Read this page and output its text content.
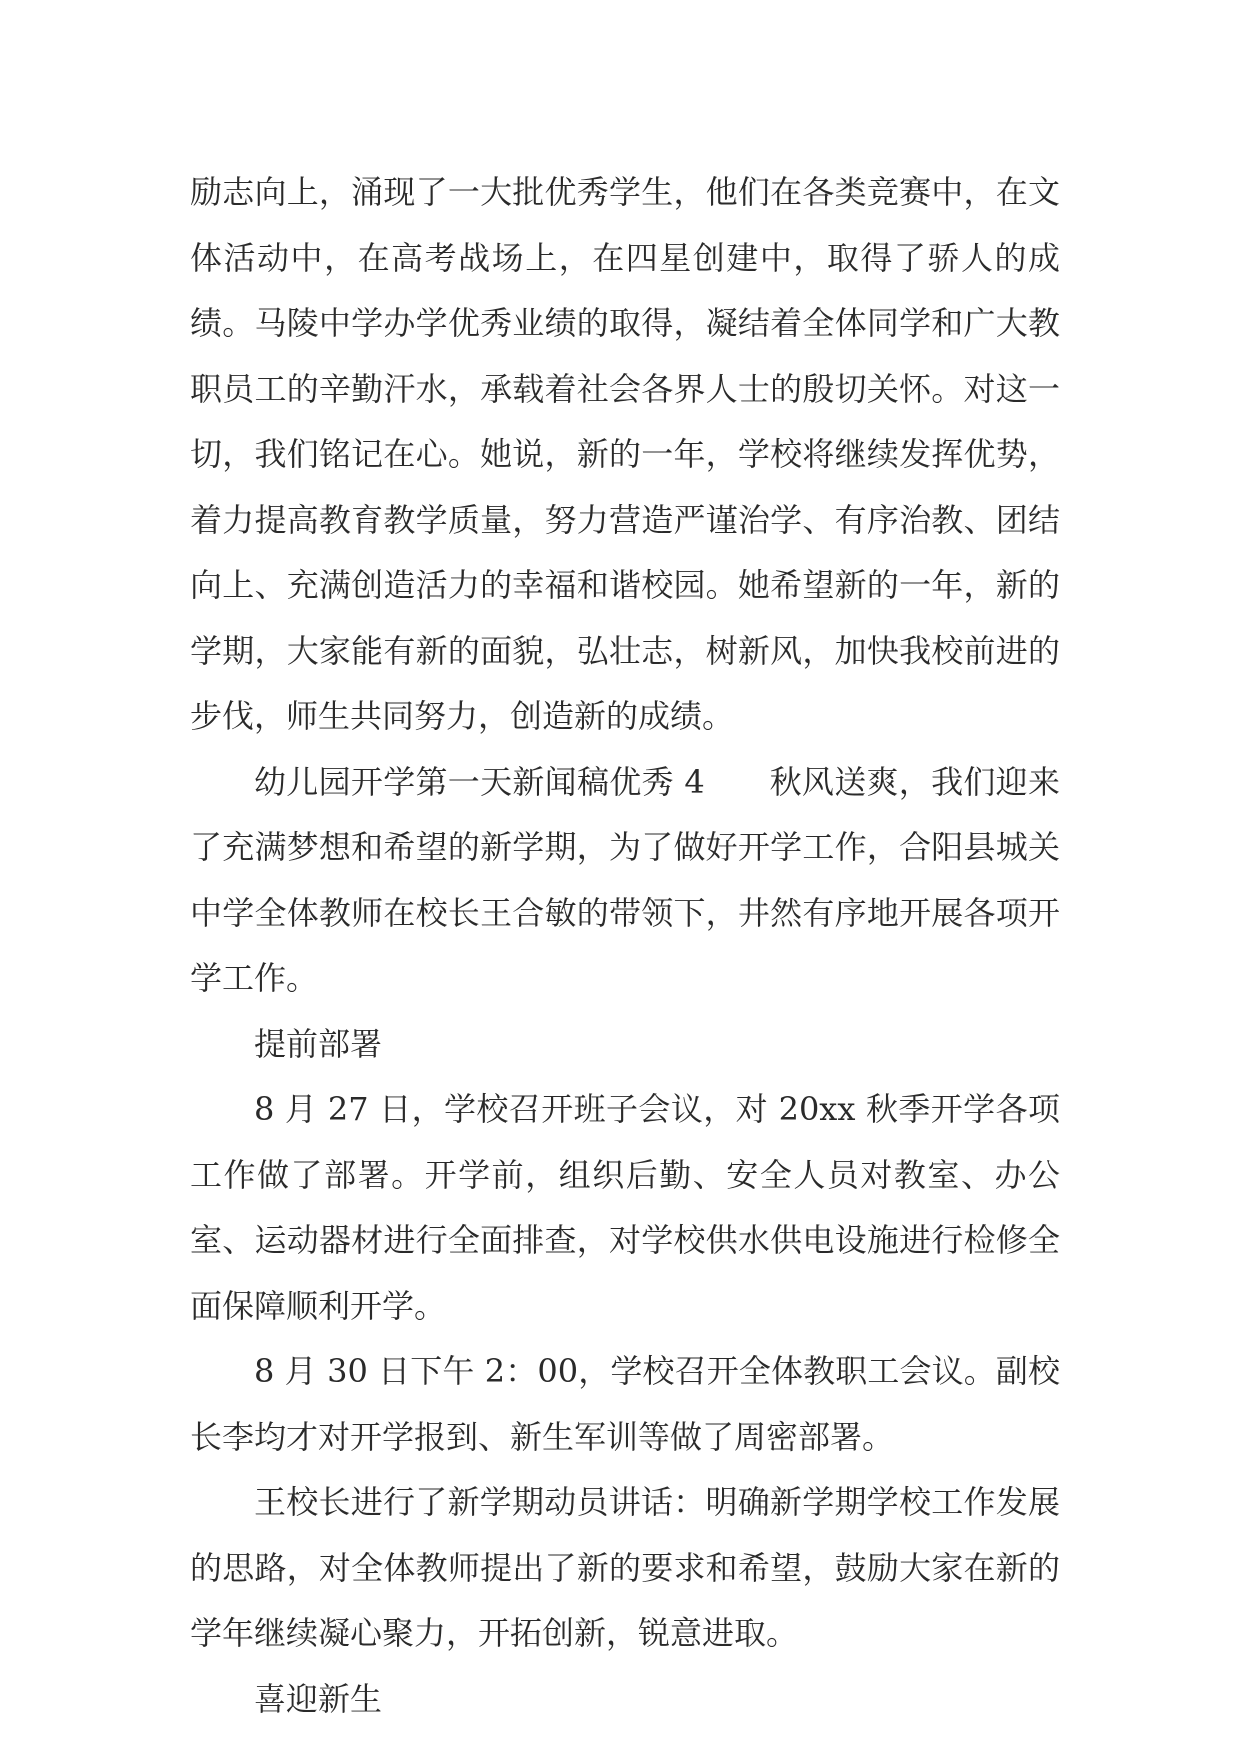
励志向上，涌现了一大批优秀学生，他们在各类竞赛中，在文体活动中，在高考战场上，在四星创建中，取得了骄人的成绩。马陵中学办学优秀业绩的取得，凝结着全体同学和广大教职员工的辛勤汗水，承载着社会各界人士的殷切关怀。对这一切，我们铭记在心。她说，新的一年，学校将继续发挥优势，着力提高教育教学质量，努力营造严谨治学、有序治教、团结向上、充满创造活力的幸福和谐校园。她希望新的一年，新的学期，大家能有新的面貌，弘壮志，树新风，加快我校前进的步伐，师生共同努力，创造新的成绩。

幼儿园开学第一天新闻稿优秀 4　　秋风送爽，我们迎来了充满梦想和希望的新学期，为了做好开学工作，合阳县城关中学全体教师在校长王合敏的带领下，井然有序地开展各项开学工作。

提前部署

8 月 27 日，学校召开班子会议，对 20xx 秋季开学各项工作做了部署。开学前，组织后勤、安全人员对教室、办公室、运动器材进行全面排查，对学校供水供电设施进行检修全面保障顺利开学。

8 月 30 日下午 2：00，学校召开全体教职工会议。副校长李均才对开学报到、新生军训等做了周密部署。

王校长进行了新学期动员讲话：明确新学期学校工作发展的思路，对全体教师提出了新的要求和希望，鼓励大家在新的学年继续凝心聚力，开拓创新，锐意进取。

喜迎新生
